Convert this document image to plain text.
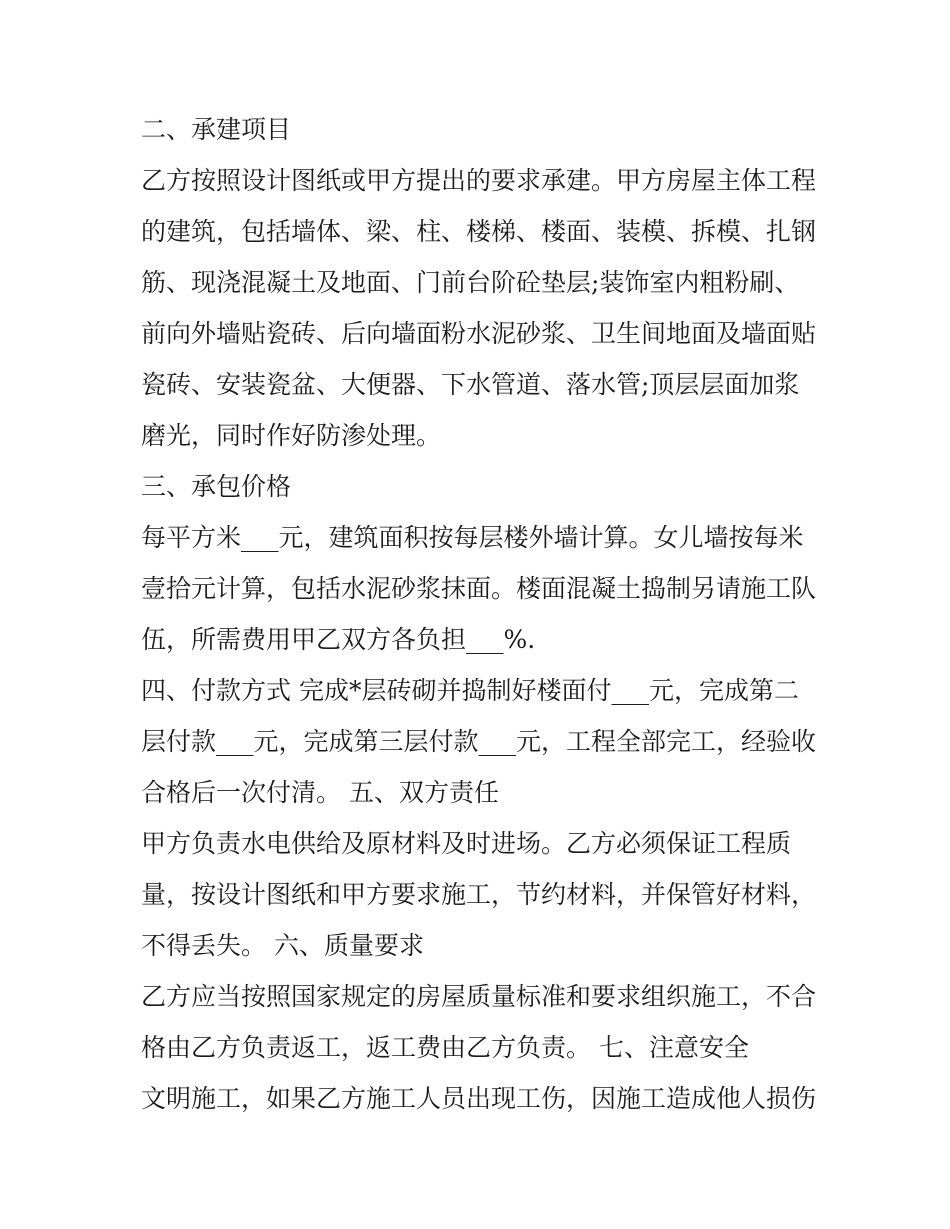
二、承建项目
乙方按照设计图纸或甲方提出的要求承建。甲方房屋主体工程
的建筑，包括墙体、梁、柱、楼梯、楼面、装模、拆模、扎钢
筋、现浇混凝土及地面、门前台阶砼垫层;装饰室内粗粉刷、
前向外墙贴瓷砖、后向墙面粉水泥砂浆、卫生间地面及墙面贴
瓷砖、安装瓷盆、大便器、下水管道、落水管;顶层层面加浆
磨光，同时作好防渗处理。
三、承包价格
每平方米___元，建筑面积按每层楼外墙计算。女儿墙按每米
壹拾元计算，包括水泥砂浆抹面。楼面混凝土捣制另请施工队
伍，所需费用甲乙双方各负担___%.
四、付款方式 完成*层砖砌并捣制好楼面付___元，完成第二
层付款___元，完成第三层付款___元，工程全部完工，经验收
合格后一次付清。 五、双方责任
甲方负责水电供给及原材料及时进场。乙方必须保证工程质
量，按设计图纸和甲方要求施工，节约材料，并保管好材料，
不得丢失。 六、质量要求
乙方应当按照国家规定的房屋质量标准和要求组织施工，不合
格由乙方负责返工，返工费由乙方负责。 七、注意安全
文明施工，如果乙方施工人员出现工伤，因施工造成他人损伤
